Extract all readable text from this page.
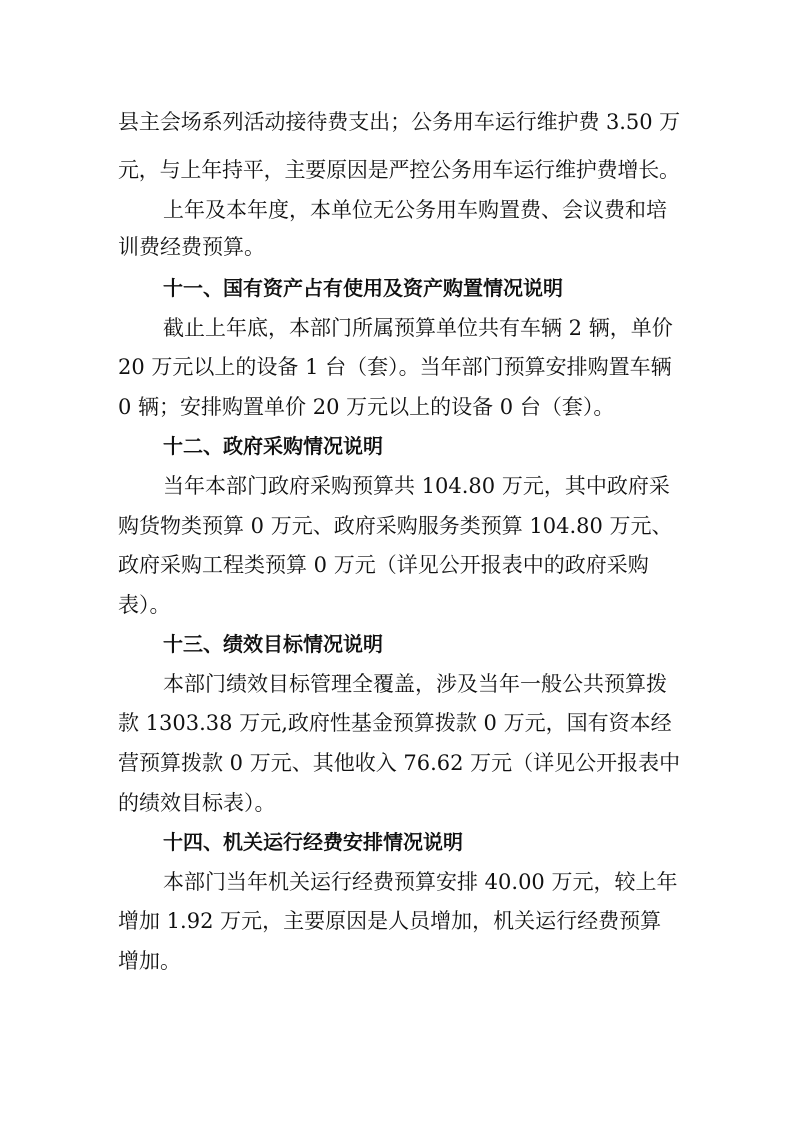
县主会场系列活动接待费支出；公务用车运行维护费 3.50 万
元，与上年持平，主要原因是严控公务用车运行维护费增长。
上年及本年度，本单位无公务用车购置费、会议费和培
训费经费预算。
十一、国有资产占有使用及资产购置情况说明
截止上年底，本部门所属预算单位共有车辆 2 辆，单价
20 万元以上的设备 1 台（套）。当年部门预算安排购置车辆
0 辆；安排购置单价 20 万元以上的设备 0 台（套）。
十二、政府采购情况说明
当年本部门政府采购预算共 104.80 万元，其中政府采
购货物类预算 0 万元、政府采购服务类预算 104.80 万元、
政府采购工程类预算 0 万元（详见公开报表中的政府采购
表）。
十三、绩效目标情况说明
本部门绩效目标管理全覆盖，涉及当年一般公共预算拨
款 1303.38 万元,政府性基金预算拨款 0 万元，国有资本经
营预算拨款 0 万元、其他收入 76.62 万元（详见公开报表中
的绩效目标表）。
十四、机关运行经费安排情况说明
本部门当年机关运行经费预算安排 40.00 万元，较上年
增加 1.92 万元，主要原因是人员增加，机关运行经费预算
增加。
